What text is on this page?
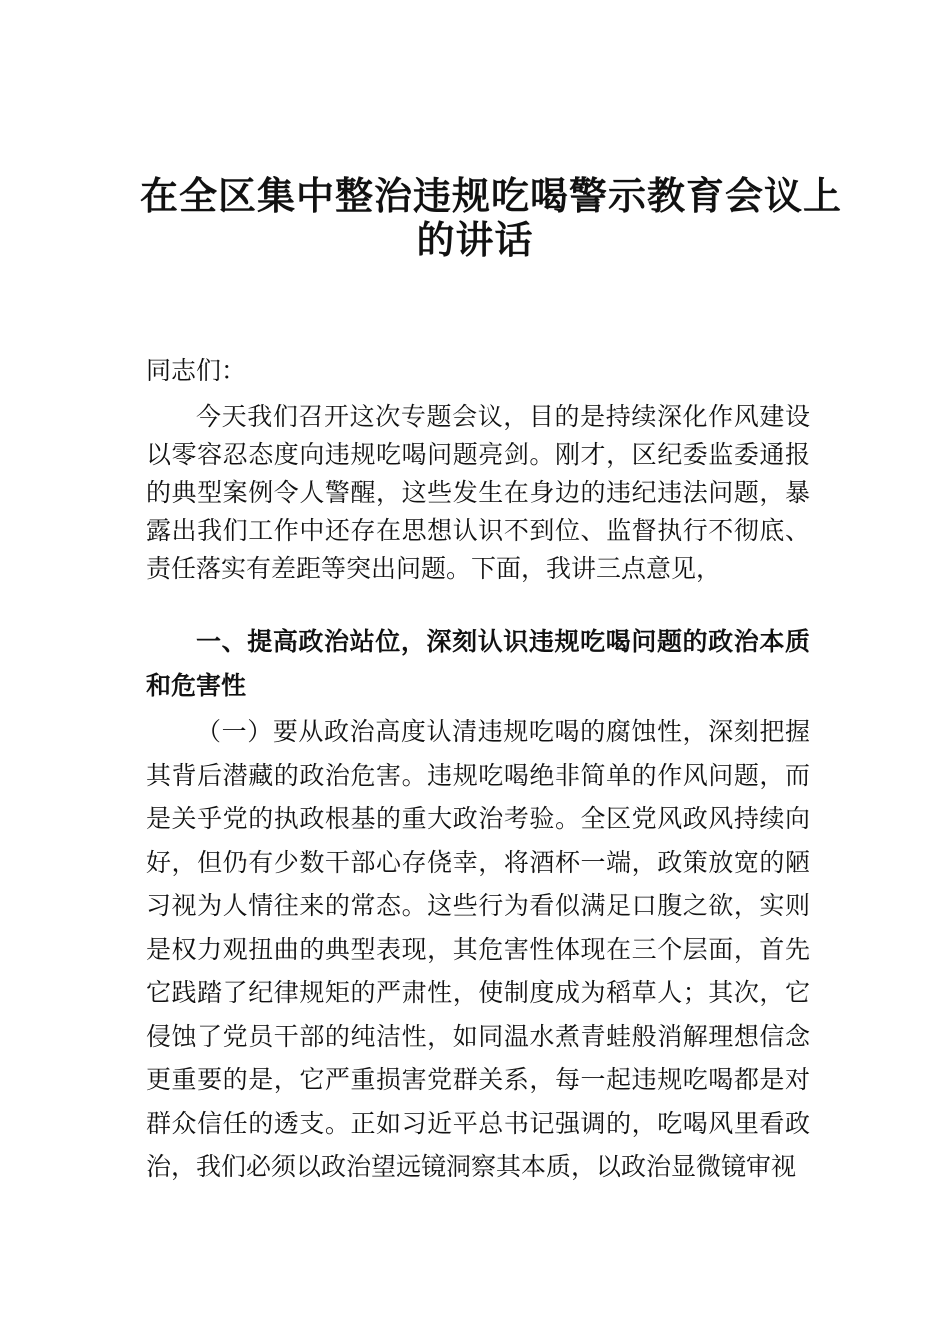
在全区集中整治违规吃喝警示教育会议上
的讲话
同志们：

今天我们召开这次专题会议，目的是持续深化作风建设以零容忍态度向违规吃喝问题亮剑。刚才，区纪委监委通报的典型案例令人警醒，这些发生在身边的违纪违法问题，暴露出我们工作中还存在思想认识不到位、监督执行不彻底、责任落实有差距等突出问题。下面，我讲三点意见，

一、提高政治站位，深刻认识违规吃喝问题的政治本质和危害性

（一）要从政治高度认清违规吃喝的腐蚀性，深刻把握其背后潜藏的政治危害。违规吃喝绝非简单的作风问题，而是关乎党的执政根基的重大政治考验。全区党风政风持续向好，但仍有少数干部心存侥幸，将酒杯一端，政策放宽的陋习视为人情往来的常态。这些行为看似满足口腹之欲，实则是权力观扭曲的典型表现，其危害性体现在三个层面，首先它践踏了纪律规矩的严肃性，使制度成为稻草人；其次，它侵蚀了党员干部的纯洁性，如同温水煮青蛙般消解理想信念更重要的是，它严重损害党群关系，每一起违规吃喝都是对群众信任的透支。正如习近平总书记强调的，吃喝风里看政治，我们必须以政治望远镜洞察其本质，以政治显微镜审视
